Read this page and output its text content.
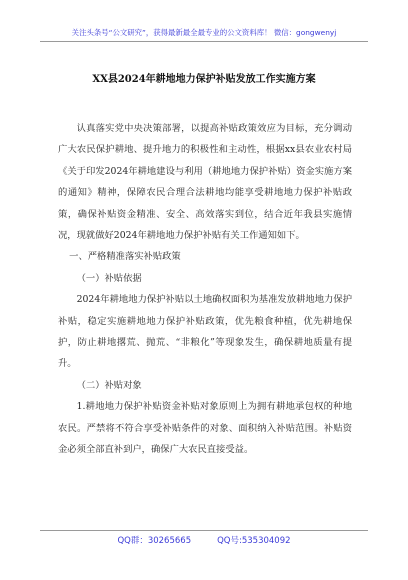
关注头条号“公文研究”，获得最新最全最专业的公文资料库！ 微信：gongwenyj
XX县2024年耕地地力保护补贴发放工作实施方案

认真落实党中央决策部署，以提高补贴政策效应为目标，充分调动广大农民保护耕地、提升地力的积极性和主动性，根据xx县农业农村局《关于印发2024年耕地建设与利用（耕地地力保护补贴）资金实施方案的通知》精神，保障农民合理合法耕地均能享受耕地地力保护补贴政策，确保补贴资金精准、安全、高效落实到位，结合近年我县实施情况，现就做好2024年耕地地力保护补贴有关工作通知如下。

一、严格精准落实补贴政策

（一）补贴依据

2024年耕地地力保护补贴以土地确权面积为基准发放耕地地力保护补贴，稳定实施耕地地力保护补贴政策，优先粮食种植，优先耕地保护，防止耕地撂荒、抛荒、“非粮化”等现象发生，确保耕地质量有提升。

（二）补贴对象

1.耕地地力保护补贴资金补贴对象原则上为拥有耕地承包权的种地农民。严禁将不符合享受补贴条件的对象、面积纳入补贴范围。补贴资金必须全部直补到户，确保广大农民直接受益。

QQ群：30265665	QQ号:535304092
